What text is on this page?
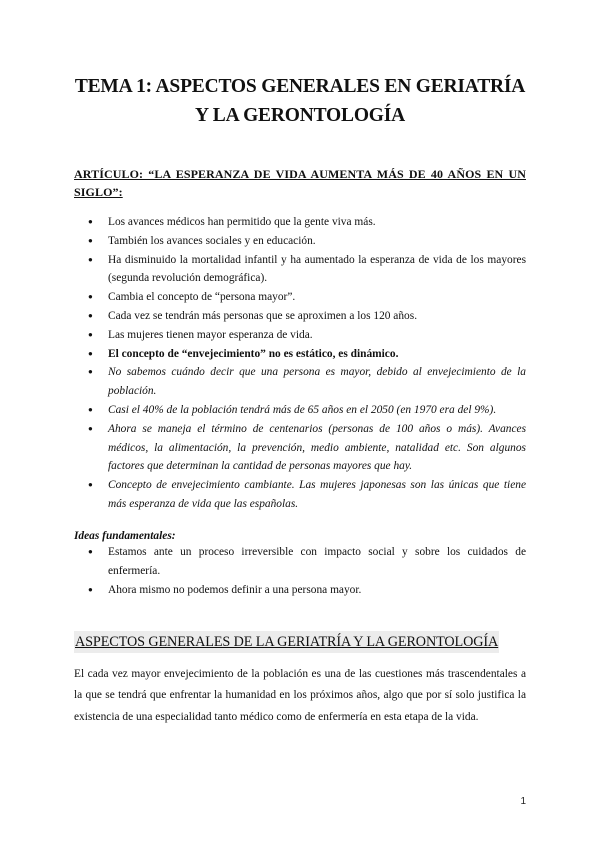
TEMA 1: ASPECTOS GENERALES EN GERIATRÍA
Y LA GERONTOLOGÍA

ARTÍCULO: “LA ESPERANZA DE VIDA AUMENTA MÁS DE 40 AÑOS EN UN SIGLO”:

● Los avances médicos han permitido que la gente viva más.
● También los avances sociales y en educación.
● Ha disminuido la mortalidad infantil y ha aumentado la esperanza de vida de los mayores (segunda revolución demográfica).
● Cambia el concepto de “persona mayor”.
● Cada vez se tendrán más personas que se aproximen a los 120 años.
● Las mujeres tienen mayor esperanza de vida.
● El concepto de “envejecimiento” no es estático, es dinámico.
● No sabemos cuándo decir que una persona es mayor, debido al envejecimiento de la población.
● Casi el 40% de la población tendrá más de 65 años en el 2050 (en 1970 era del 9%).
● Ahora se maneja el término de centenarios (personas de 100 años o más). Avances médicos, la alimentación, la prevención, medio ambiente, natalidad etc. Son algunos factores que determinan la cantidad de personas mayores que hay.
● Concepto de envejecimiento cambiante. Las mujeres japonesas son las únicas que tiene más esperanza de vida que las españolas.

Ideas fundamentales:

● Estamos ante un proceso irreversible con impacto social y sobre los cuidados de enfermería.
● Ahora mismo no podemos definir a una persona mayor.
ASPECTOS GENERALES DE LA GERIATRÍA Y LA GERONTOLOGÍA

El cada vez mayor envejecimiento de la población es una de las cuestiones más trascendentales a la que se tendrá que enfrentar la humanidad en los próximos años, algo que por sí solo justifica la existencia de una especialidad tanto médico como de enfermería en esta etapa de la vida.

1
